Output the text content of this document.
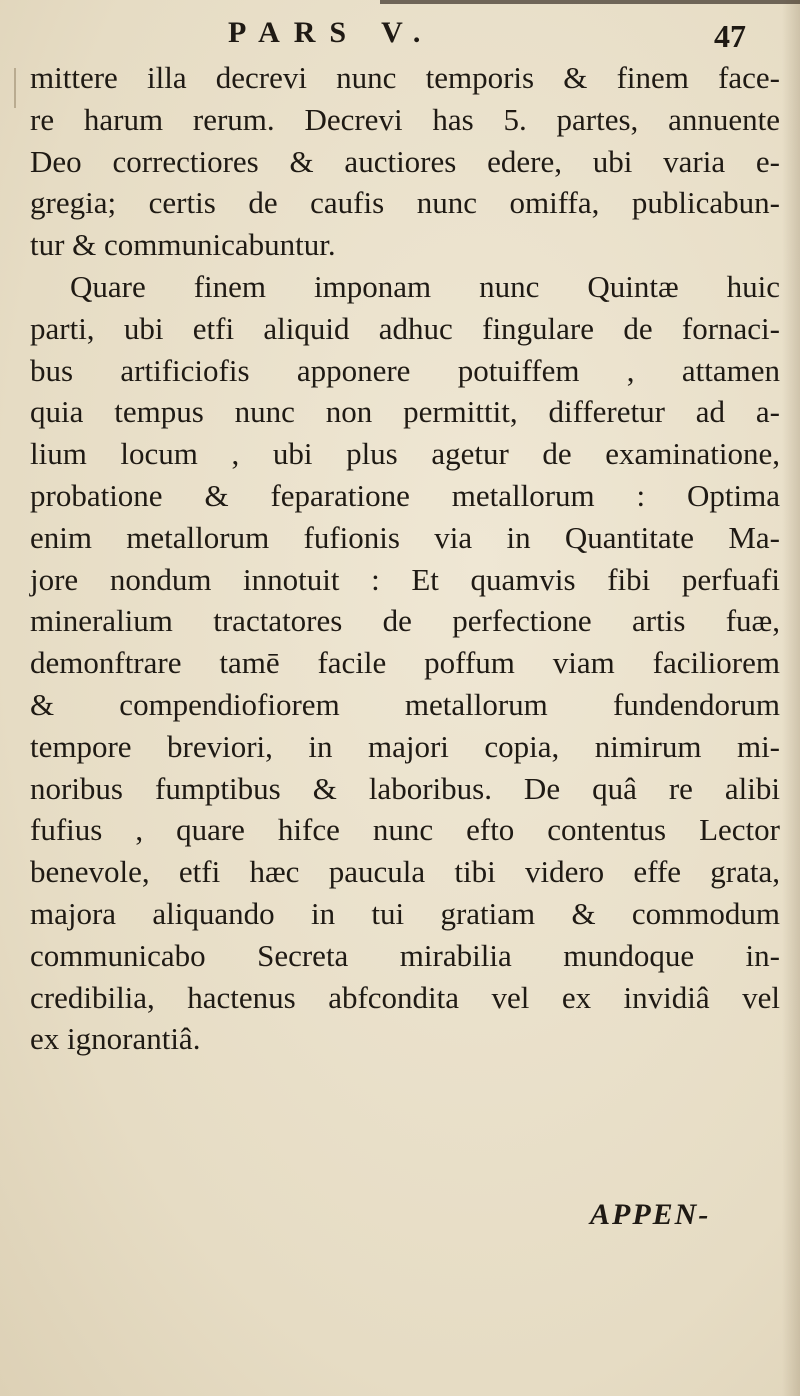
PARS V.	47
mittere illa decrevi nunc temporis & finem face-
re harum rerum. Decrevi has 5. partes, annuente
Deo correctiores & auctiores edere, ubi varia e-
gregia; certis de caufis nunc omiffa, publicabun-
tur & communicabuntur.
Quare finem imponam nunc Quintæ huic
parti, ubi etfi aliquid adhuc fingulare de fornaci-
bus artificiofis apponere potuiffem , attamen
quia tempus nunc non permittit, differetur ad a-
lium locum , ubi plus agetur de examinatione,
probatione & feparatione metallorum : Optima
enim metallorum fufionis via in Quantitate Ma-
jore nondum innotuit : Et quamvis fibi perfuafi
mineralium tractatores de perfectione artis fuæ,
demonftrare tamē facile poffum viam faciliorem
& compendiofiorem metallorum fundendorum
tempore breviori, in majori copia, nimirum mi-
noribus fumptibus & laboribus. De quâ re alibi
fufius , quare hifce nunc efto contentus Lector
benevole, etfi hæc paucula tibi videro effe grata,
majora aliquando in tui gratiam & commodum
communicabo Secreta mirabilia mundoque in-
credibilia, hactenus abfcondita vel ex invidiâ vel
ex ignorantiâ.
APPEN-
